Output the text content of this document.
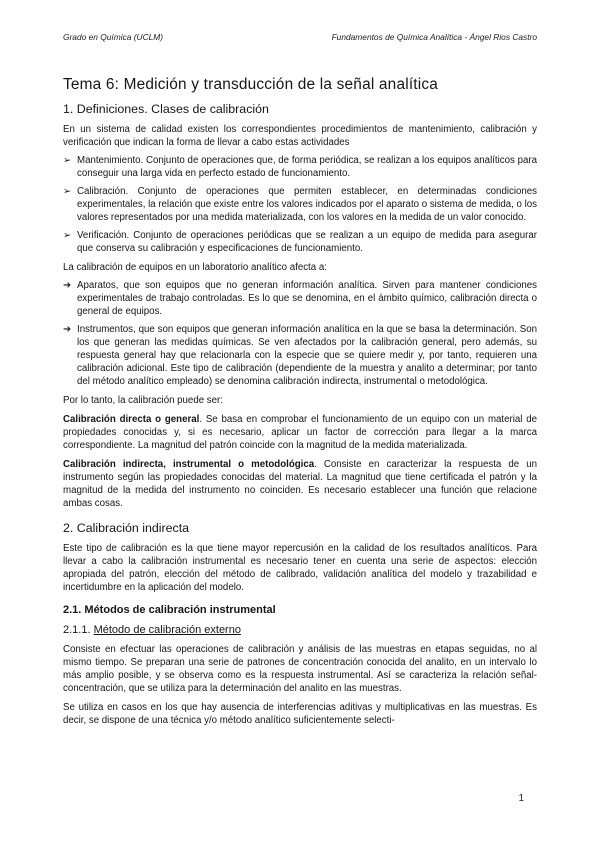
Grado en Química (UCLM)	Fundamentos de Química Analítica - Ángel Rios Castro
Tema 6: Medición y transducción de la señal analítica
1. Definiciones. Clases de calibración

En un sistema de calidad existen los correspondientes procedimientos de mantenimiento, calibración y verificación que indican la forma de llevar a cabo estas actividades

➢ Mantenimiento. Conjunto de operaciones que, de forma periódica, se realizan a los equipos analíticos para conseguir una larga vida en perfecto estado de funcionamiento.
➢ Calibración. Conjunto de operaciones que permiten establecer, en determinadas condiciones experimentales, la relación que existe entre los valores indicados por el aparato o sistema de medida, o los valores representados por una medida materializada, con los valores en la medida de un valor conocido.
➢ Verificación. Conjunto de operaciones periódicas que se realizan a un equipo de medida para asegurar que conserva su calibración y especificaciones de funcionamiento.

La calibración de equipos en un laboratorio analítico afecta a:

➔ Aparatos, que son equipos que no generan información analítica. Sirven para mantener condiciones experimentales de trabajo controladas. Es lo que se denomina, en el ámbito químico, calibración directa o general de equipos.
➔ Instrumentos, que son equipos que generan información analítica en la que se basa la determinación. Son los que generan las medidas químicas. Se ven afectados por la calibración general, pero además, su respuesta general hay que relacionarla con la especie que se quiere medir y, por tanto, requieren una calibración adicional. Este tipo de calibración (dependiente de la muestra y analito a determinar; por tanto del método analítico empleado) se denomina calibración indirecta, instrumental o metodológica.

Por lo tanto, la calibración puede ser:

Calibración directa o general. Se basa en comprobar el funcionamiento de un equipo con un material de propiedades conocidas y, si es necesario, aplicar un factor de corrección para llegar a la marca correspondiente. La magnitud del patrón coincide con la magnitud de la medida materializada.

Calibración indirecta, instrumental o metodológica. Consiste en caracterizar la respuesta de un instrumento según las propiedades conocidas del material. La magnitud que tiene certificada el patrón y la magnitud de la medida del instrumento no coinciden. Es necesario establecer una función que relacione ambas cosas.

2. Calibración indirecta

Este tipo de calibración es la que tiene mayor repercusión en la calidad de los resultados analíticos. Para llevar a cabo la calibración instrumental es necesario tener en cuenta una serie de aspectos: elección apropiada del patrón, elección del método de calibrado, validación analítica del modelo y trazabilidad e incertidumbre en la aplicación del modelo.

2.1. Métodos de calibración instrumental
2.1.1. Método de calibración externo

Consiste en efectuar las operaciones de calibración y análisis de las muestras en etapas seguidas, no al mismo tiempo. Se preparan una serie de patrones de concentración conocida del analito, en un intervalo lo más amplio posible, y se observa como es la respuesta instrumental. Así se caracteriza la relación señal-concentración, que se utiliza para la determinación del analito en las muestras.

Se utiliza en casos en los que hay ausencia de interferencias aditivas y multiplicativas en las muestras. Es decir, se dispone de una técnica y/o método analítico suficientemente selecti-

1
